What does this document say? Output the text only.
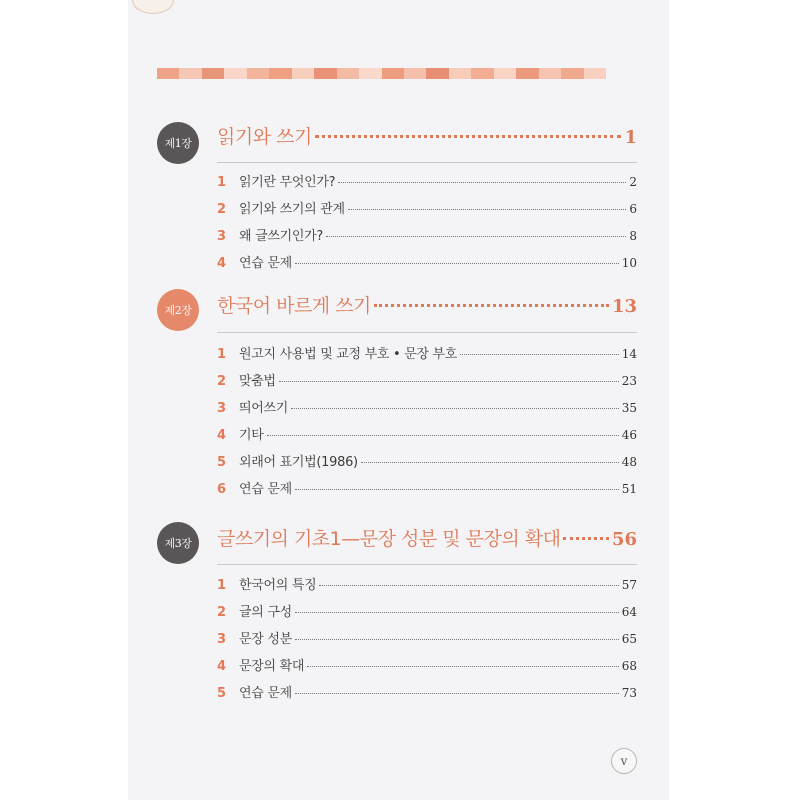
제1장	읽기와 쓰기	1
1 읽기란 무엇인가?	2
2 읽기와 쓰기의 관계	6
3 왜 글쓰기인가?	8
4 연습 문제	10
제2장	한국어 바르게 쓰기	13
1 원고지 사용법 및 교정 부호 • 문장 부호	14
2 맞춤법	23
3 띄어쓰기	35
4 기타	46
5 외래어 표기법(1986)	48
6 연습 문제	51
제3장	글쓰기의 기초1—문장 성분 및 문장의 확대	56
1 한국어의 특징	57
2 글의 구성	64
3 문장 성분	65
4 문장의 확대	68
5 연습 문제	73
v
